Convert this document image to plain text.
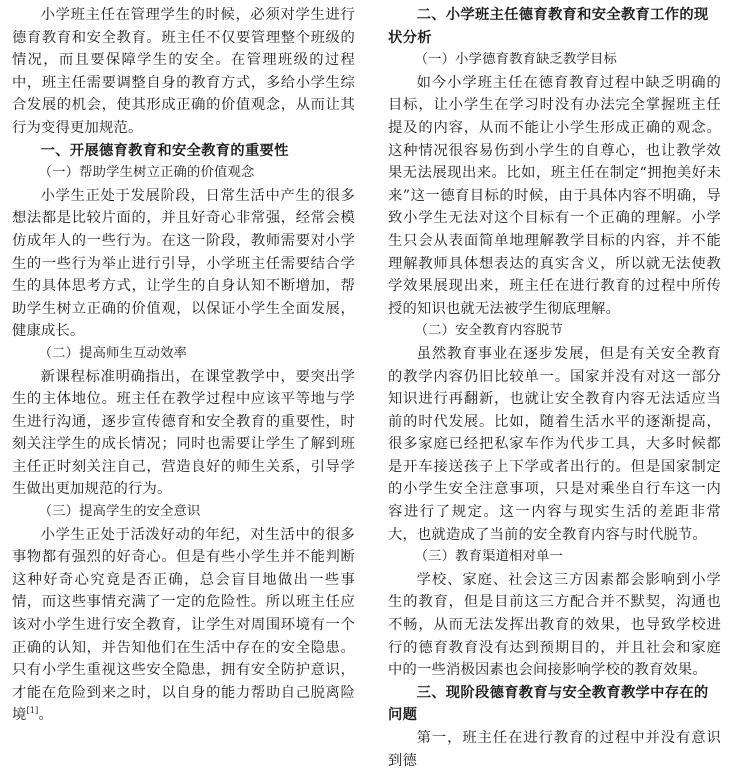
小学班主任在管理学生的时候，必须对学生进行德育教育和安全教育。班主任不仅要管理整个班级的情况，而且要保障学生的安全。在管理班级的过程中，班主任需要调整自身的教育方式，多给小学生综合发展的机会，使其形成正确的价值观念，从而让其行为变得更加规范。

一、开展德育教育和安全教育的重要性

（一）帮助学生树立正确的价值观念

小学生正处于发展阶段，日常生活中产生的很多想法都是比较片面的，并且好奇心非常强，经常会模仿成年人的一些行为。在这一阶段，教师需要对小学生的一些行为举止进行引导，小学班主任需要结合学生的具体思考方式，让学生的自身认知不断增加，帮助学生树立正确的价值观，以保证小学生全面发展，健康成长。

（二）提高师生互动效率

新课程标准明确指出，在课堂教学中，要突出学生的主体地位。班主任在教学过程中应该平等地与学生进行沟通，逐步宣传德育和安全教育的重要性，时刻关注学生的成长情况；同时也需要让学生了解到班主任正时刻关注自己，营造良好的师生关系，引导学生做出更加规范的行为。

（三）提高学生的安全意识

小学生正处于活泼好动的年纪，对生活中的很多事物都有强烈的好奇心。但是有些小学生并不能判断这种好奇心究竟是否正确，总会盲目地做出一些事情，而这些事情充满了一定的危险性。所以班主任应该对小学生进行安全教育，让学生对周围环境有一个正确的认知，并告知他们在生活中存在的安全隐患。只有小学生重视这些安全隐患，拥有安全防护意识，才能在危险到来之时，以自身的能力帮助自己脱离险境[1]。

二、小学班主任德育教育和安全教育工作的现状分析

（一）小学德育教育缺乏教学目标

如今小学班主任在德育教育过程中缺乏明确的目标，让小学生在学习时没有办法完全掌握班主任提及的内容，从而不能让小学生形成正确的观念。这种情况很容易伤到小学生的自尊心，也让教学效果无法展现出来。比如，班主任在制定“拥抱美好未来”这一德育目标的时候，由于具体内容不明确，导致小学生无法对这个目标有一个正确的理解。小学生只会从表面简单地理解教学目标的内容，并不能理解教师具体想表达的真实含义，所以就无法使教学效果展现出来，班主任在进行教育的过程中所传授的知识也就无法被学生彻底理解。

（二）安全教育内容脱节

虽然教育事业在逐步发展，但是有关安全教育的教学内容仍旧比较单一。国家并没有对这一部分知识进行再翻新，也就让安全教育内容无法适应当前的时代发展。比如，随着生活水平的逐渐提高，很多家庭已经把私家车作为代步工具，大多时候都是开车接送孩子上下学或者出行的。但是国家制定的小学生安全注意事项，只是对乘坐自行车这一内容进行了规定。这一内容与现实生活的差距非常大，也就造成了当前的安全教育内容与时代脱节。

（三）教育渠道相对单一

学校、家庭、社会这三方因素都会影响到小学生的教育，但是目前这三方配合并不默契，沟通也不畅，从而无法发挥出教育的效果，也导致学校进行的德育教育没有达到预期目的，并且社会和家庭中的一些消极因素也会间接影响学校的教育效果。

三、现阶段德育教育与安全教育教学中存在的问题

第一，班主任在进行教育的过程中并没有意识到德
